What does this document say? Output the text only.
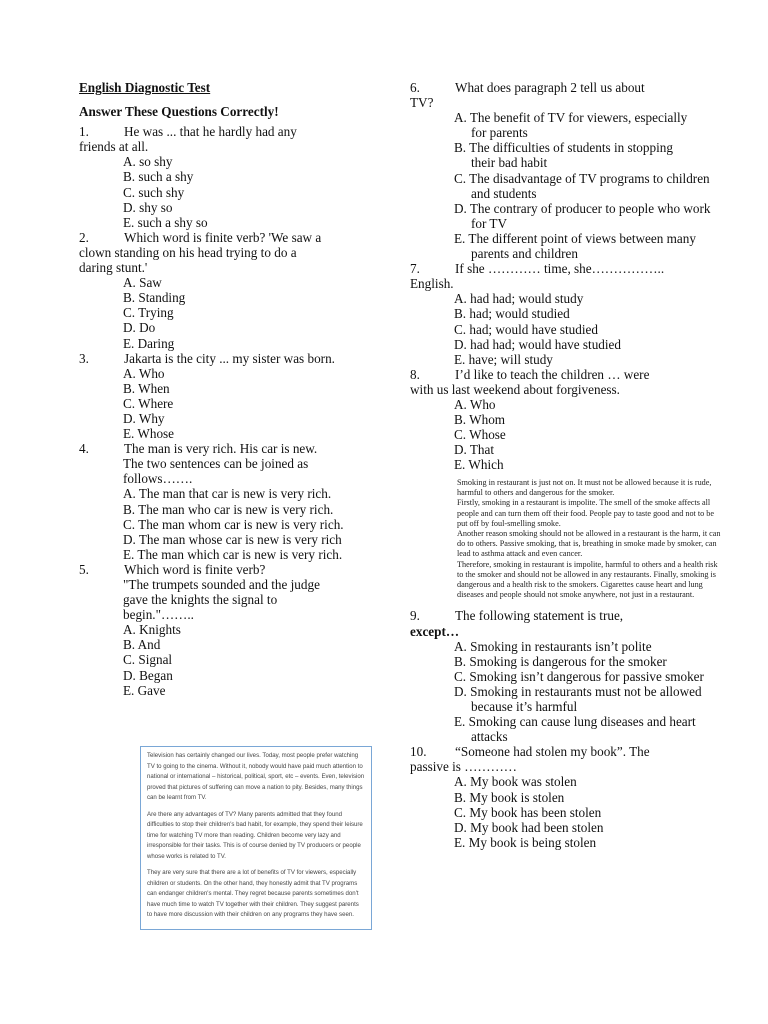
English Diagnostic Test
Answer These Questions Correctly!
1.	He was ... that he hardly had any
friends at all.
A. so shy
B. such a shy
C. such shy
D. shy so
E. such a shy so
2.	Which word is finite verb? 'We saw a
clown standing on his head trying to do a
daring stunt.'
A. Saw
B. Standing
C. Trying
D. Do
E. Daring
3.	Jakarta is the city ... my sister was born.
A. Who
B. When
C. Where
D. Why
E. Whose
4.	The man is very rich. His car is new.
The two sentences can be joined as
follows…….
A. The man that car is new is very rich.
B. The man who car is new is very rich.
C. The man whom car is new is very rich.
D. The man whose car is new is very rich
E. The man which car is new is very rich.
5.	Which word is finite verb?
"The trumpets sounded and the judge gave the knights the signal to begin."……..
A. Knights
B. And
C. Signal
D. Began
E. Gave

Television has certainly changed our lives. Today, most people prefer watching TV to going to the cinema. Without it, nobody would have paid much attention to national or international – historical, political, sport, etc – events. Even, television proved that pictures of suffering can move a nation to pity. Besides, many things can be learnt from TV.

Are there any advantages of TV? Many parents admitted that they found difficulties to stop their children's bad habit, for example, they spend their leisure time for watching TV more than reading. Children become very lazy and irresponsible for their tasks. This is of course denied by TV producers or people whose works is related to TV.

They are very sure that there are a lot of benefits of TV for viewers, especially children or students. On the other hand, they honestly admit that TV programs can endanger children's mental. They regret because parents sometimes don't have much time to watch TV together with their children. They suggest parents to have more discussion with their children on any programs they have seen.

6.	What does paragraph 2 tell us about
TV?
A. The benefit of TV for viewers, especially for parents
B. The difficulties of students in stopping their bad habit
C. The disadvantage of TV programs to children and students
D. The contrary of producer to people who work for TV
E. The different point of views between many parents and children
7.	If she ………… time, she……………..
English.
A. had had; would study
B. had; would studied
C. had; would have studied
D. had had; would have studied
E. have; will study
8.	I’d like to teach the children … were
with us last weekend about forgiveness.
A. Who
B. Whom
C. Whose
D. That
E. Which
9.	The following statement is true,
except…
A. Smoking in restaurants isn’t polite
B. Smoking is dangerous for the smoker
C. Smoking isn’t dangerous for passive smoker
D. Smoking in restaurants must not be allowed because it’s harmful
E. Smoking can cause lung diseases and heart attacks
10. “Someone had stolen my book”. The
passive is …………
A. My book was stolen
B. My book is stolen
C. My book has been stolen
D. My book had been stolen
E. My book is being stolen

Smoking in restaurant is just not on. It must not be allowed because it is rude, harmful to others and dangerous for the smoker.

Firstly, smoking in a restaurant is impolite. The smell of the smoke affects all people and can turn them off their food. People pay to taste good and not to be put off by foul-smelling smoke.

Another reason smoking should not be allowed in a restaurant is the harm, it can do to others. Passive smoking, that is, breathing in smoke made by smoker, can lead to asthma attack and even cancer.

Therefore, smoking in restaurant is impolite, harmful to others and a health risk to the smoker and should not be allowed in any restaurants. Finally, smoking is dangerous and a health risk to the smokers. Cigarettes cause heart and lung diseases and people should not smoke anywhere, not just in a restaurant.
